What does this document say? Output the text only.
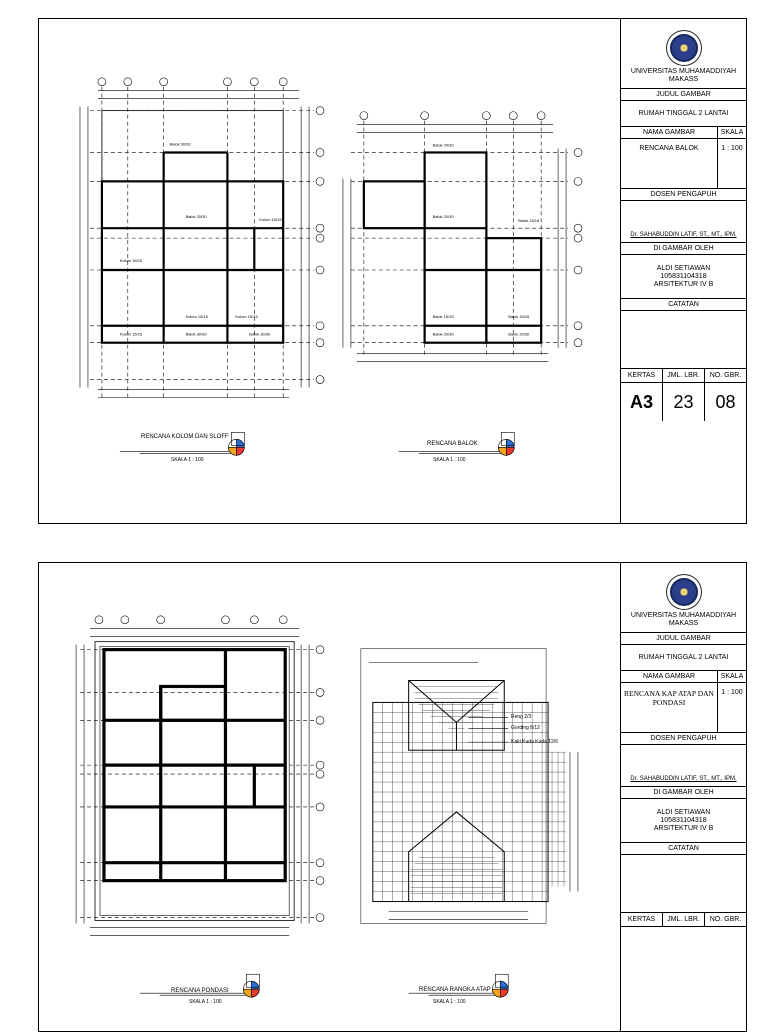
Balok 30/30
Balok 20/30
Kolom 15/15
Kolom 15/15
Kolom 15/15	Kolom 15/15
Kolom 15/15	Balok 30/30	Balok 30/30
Balok 20/30
Balok 20/30
Balok 15/15
Balok 15/15	Balok 15/15
Balok 20/30	Balok 20/30
RENCANA KOLOM DAN SLOFF
SKALA 1 : 100
RENCANA BALOK
SKALA 1 : 100
UNIVERSITAS MUHAMADDIYAH MAKASS
JUDUL GAMBAR
RUMAH TINGGAL 2 LANTAI
NAMA GAMBAR	SKALA
RENCANA BALOK	1 : 100
DOSEN PENGAPUH
Dr. SAHABUDDIN LATIF, ST., MT., IPM.
DI GAMBAR OLEH
ALDI SETIAWAN
105831104318
ARSITEKTUR IV B
CATATAN
KERTAS	JML. LBR.	NO. GBR.
A3	23	08
Reng 2/3
Gording 8/12
Kaki Kuda Kuda 12/6
RENCANA PONDASI
SKALA 1 : 100
RENCANA RANGKA ATAP
SKALA 1 : 100
UNIVERSITAS MUHAMADDIYAH MAKASS
JUDUL GAMBAR
RUMAH TINGGAL 2 LANTAI
NAMA GAMBAR	SKALA
RENCANA KAP ATAP DAN PONDASI
1 : 100
DOSEN PENGAPUH
Dr. SAHABUDDIN LATIF, ST., MT., IPM.
DI GAMBAR OLEH
ALDI SETIAWAN
105831104318
ARSITEKTUR IV B
CATATAN
KERTAS	JML. LBR.	NO. GBR.
